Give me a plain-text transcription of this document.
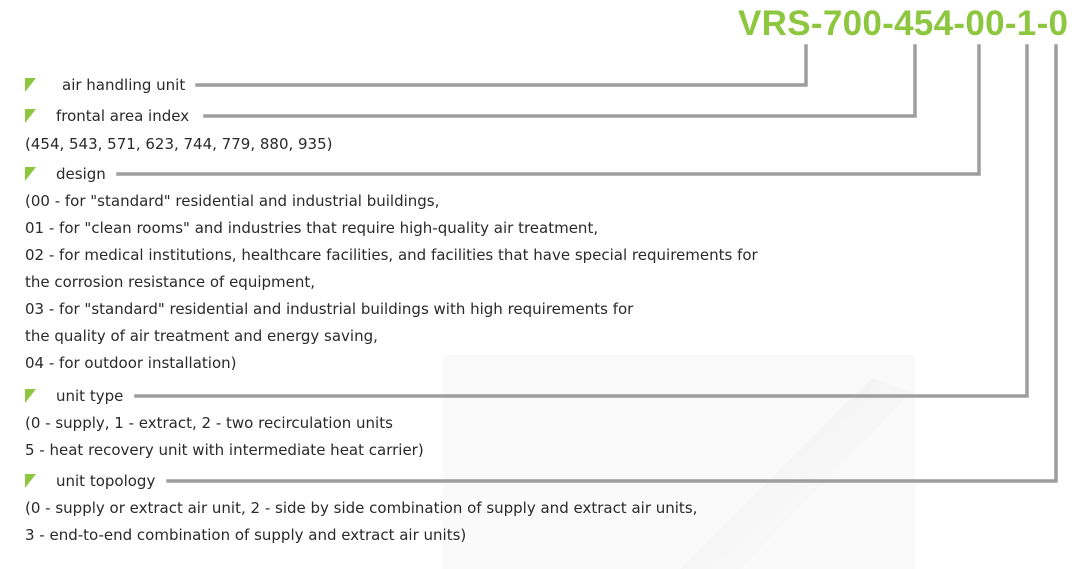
VRS-700-454-00-1-0
air handling unit
frontal area index
(454, 543, 571, 623, 744, 779, 880, 935)
design
(00 - for "standard" residential and industrial buildings,
01 - for "clean rooms" and industries that require high-quality air treatment,
02 - for medical institutions, healthcare facilities, and facilities that have special requirements for
the corrosion resistance of equipment,
03 - for "standard" residential and industrial buildings with high requirements for
the quality of air treatment and energy saving,
04 - for outdoor installation)
unit type
(0 - supply, 1 - extract, 2 - two recirculation units
5 - heat recovery unit with intermediate heat carrier)
unit topology
(0 - supply or extract air unit, 2 - side by side combination of supply and extract air units,
3 - end-to-end combination of supply and extract air units)
